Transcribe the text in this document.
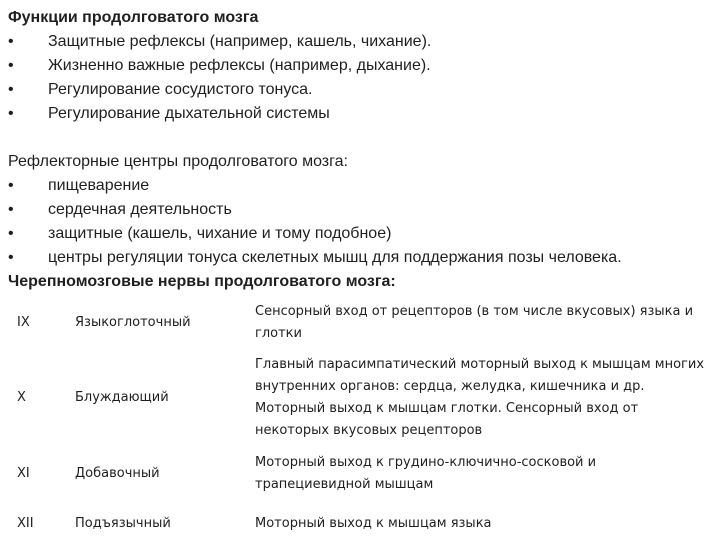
Функции продолговатого мозга
•	Защитные рефлексы (например, кашель, чихание).
•	Жизненно важные рефлексы (например, дыхание).
•	Регулирование сосудистого тонуса.
•	Регулирование дыхательной системы
Рефлекторные центры продолговатого мозга:
•	пищеварение
•	сердечная деятельность
•	защитные (кашель, чихание и тому подобное)
•	центры регуляции тонуса скелетных мышц для поддержания позы человека.
Черепномозговые нервы продолговатого мозга:
IX	Языкоглоточный	Сенсорный вход от рецепторов (в том числе вкусовых) языка и глотки
X	Блуждающий	Главный парасимпатический моторный выход к мышцам многих внутренних органов: сердца, желудка, кишечника и др. Моторный выход к мышцам глотки. Сенсорный вход от некоторых вкусовых рецепторов
XI	Добавочный	Моторный выход к грудино-ключично-сосковой и трапециевидной мышцам
XII	Подъязычный	Моторный выход к мышцам языка
